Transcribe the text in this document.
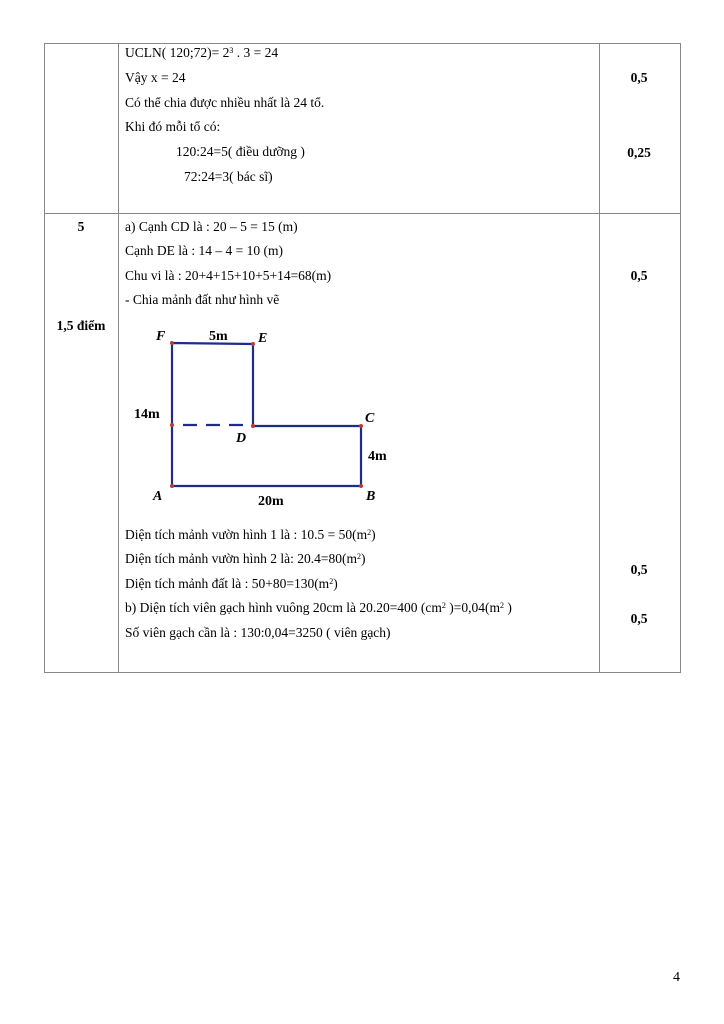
UCLN( 120;72)= $2^3$ . 3 = 24
Vậy x = 24
Có thể chia được nhiều nhất là 24 tổ.
Khi đó mỗi tổ có:
120:24=5( điều dưỡng )
72:24=3( bác sĩ)
0,5
0,25
5
1,5 điểm
a) Cạnh CD là : 20 – 5 = 15 (m)
Cạnh DE là : 14 – 4 = 10 (m)
Chu vi là : 20+4+15+10+5+14=68(m)
- Chia mảnh đất như hình vẽ
0,5
F	E
C
D
A	B
5m
14m
4m
20m
Diện tích mảnh vườn hình 1 là : $10.5 = 50(m^2)$
Diện tích mảnh vườn hình 2 là: $20.4=80(m^2)$
Diện tích mảnh đất là : $50+80=130(m^2)$
b) Diện tích viên gạch hình vuông 20cm là 20.20=400 ($cm^2$ )$=0,04(m^2$ )
Số viên gạch cần là : 130:0,04=3250 ( viên gạch)
0,5
0,5
4
